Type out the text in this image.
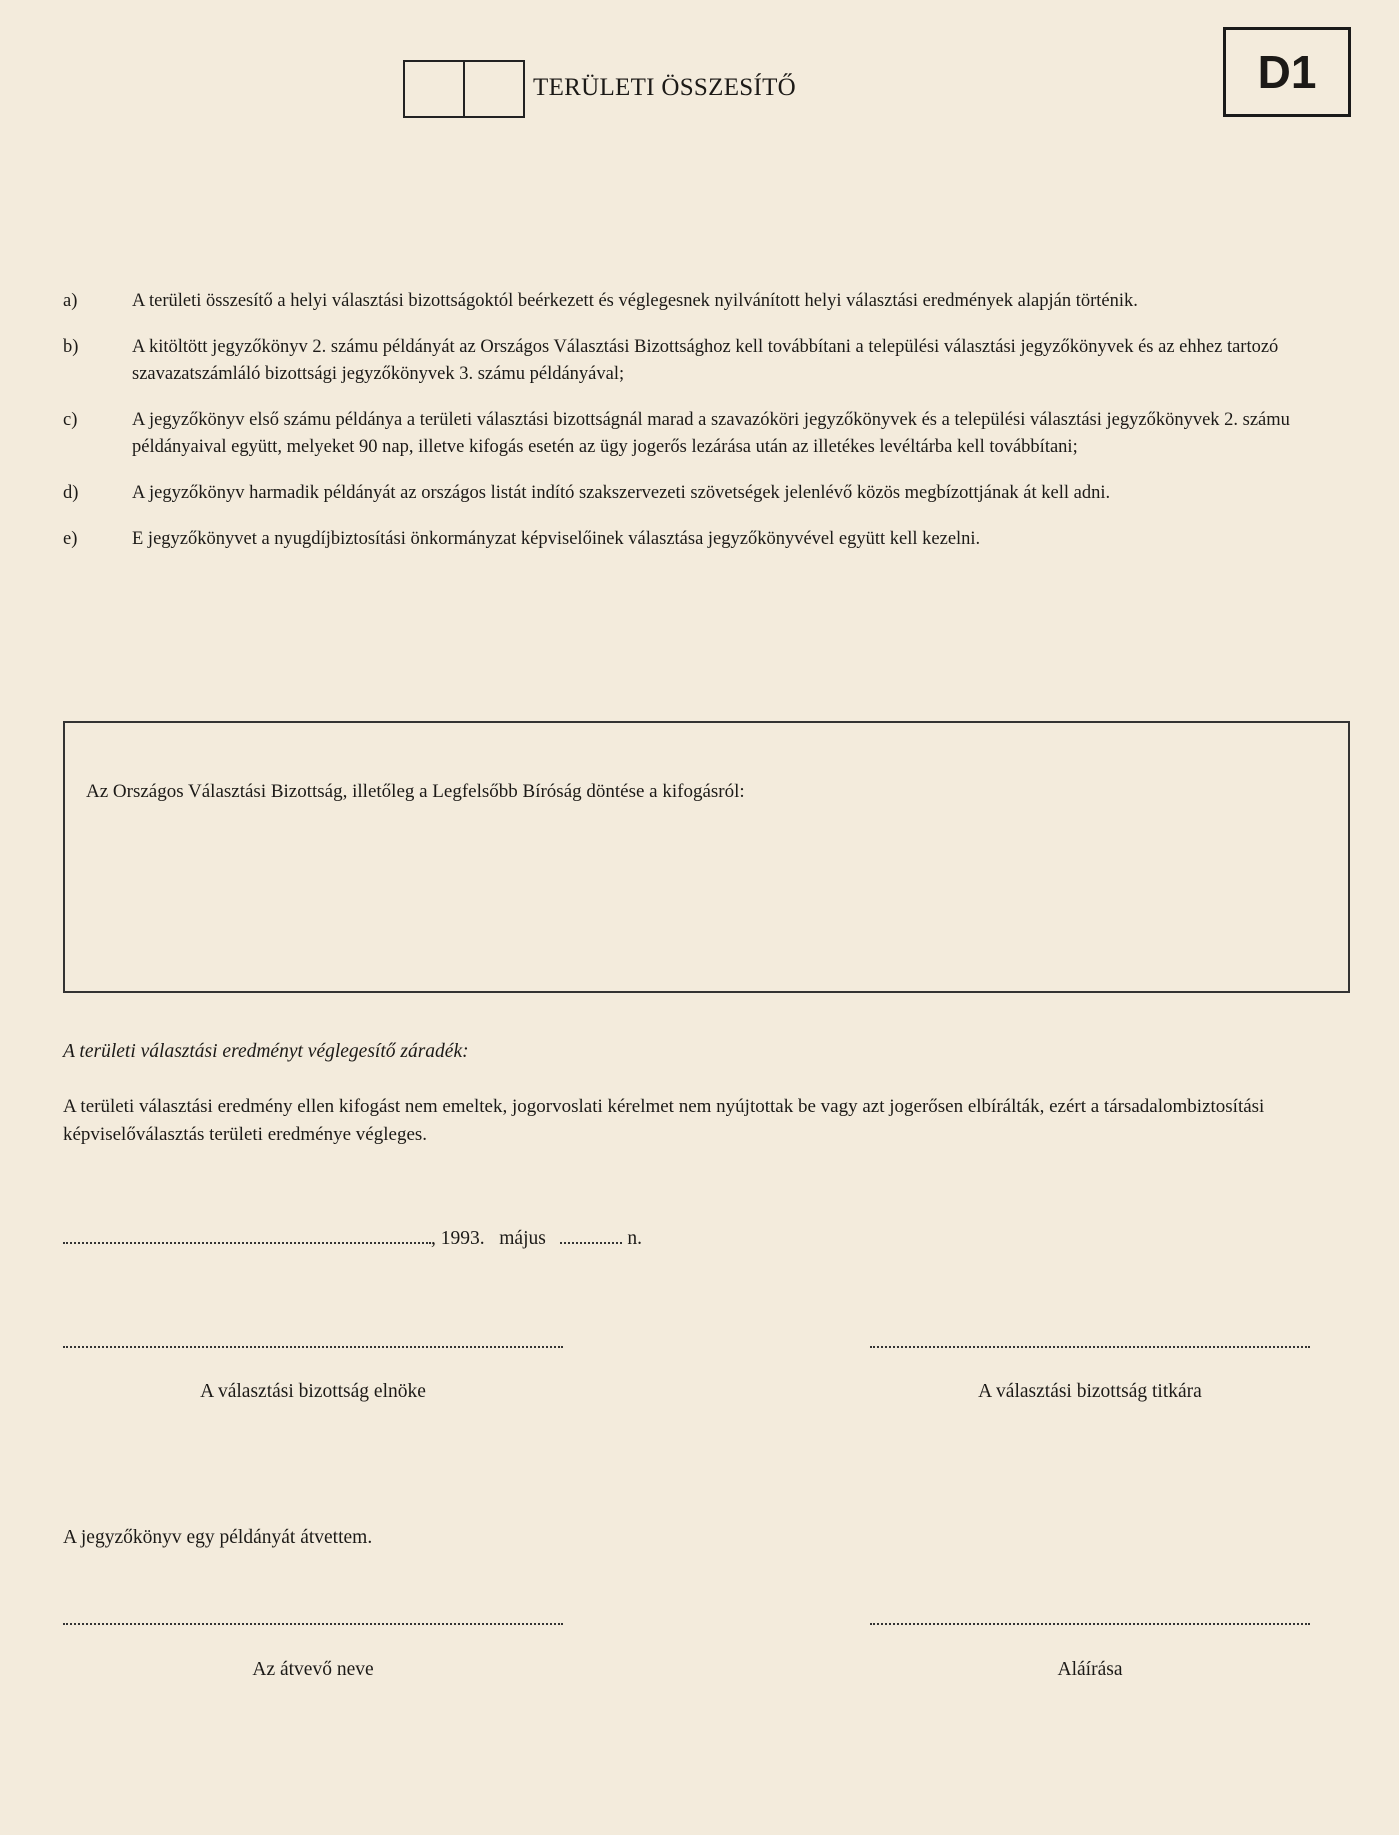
TERÜLETI ÖSSZESÍTŐ	D1
a)	A területi összesítő a helyi választási bizottságoktól beérkezett és véglegesnek nyilvánított helyi választási eredmények alapján történik.
b)	A kitöltött jegyzőkönyv 2. számu példányát az Országos Választási Bizottsághoz kell továbbítani a települési választási jegyzőkönyvek és az ehhez tartozó szavazatszámláló bizottsági jegyzőkönyvek 3. számu példányával;
c)	A jegyzőkönyv első számu példánya a területi választási bizottságnál marad a szavazóköri jegyzőkönyvek és a települési választási jegyzőkönyvek 2. számu példányaival együtt, melyeket 90 nap, illetve kifogás esetén az ügy jogerős lezárása után az illetékes levéltárba kell továbbítani;
d)	A jegyzőkönyv harmadik példányát az országos listát indító szakszervezeti szövetségek jelenlévő közös megbízottjának át kell adni.
e)	E jegyzőkönyvet a nyugdíjbiztosítási önkormányzat képviselőinek választása jegyzőkönyvével együtt kell kezelni.
Az Országos Választási Bizottság, illetőleg a Legfelsőbb Bíróság döntése a kifogásról:
A területi választási eredményt véglegesítő záradék:
A területi választási eredmény ellen kifogást nem emeltek, jogorvoslati kérelmet nem nyújtottak be vagy azt jogerősen elbírálták, ezért a társadalombiztosítási képviselőválasztás területi eredménye végleges.
, 1993. május	n.
A választási bizottság elnöke	A választási bizottság titkára
A jegyzőkönyv egy példányát átvettem.
Az átvevő neve	Aláírása
